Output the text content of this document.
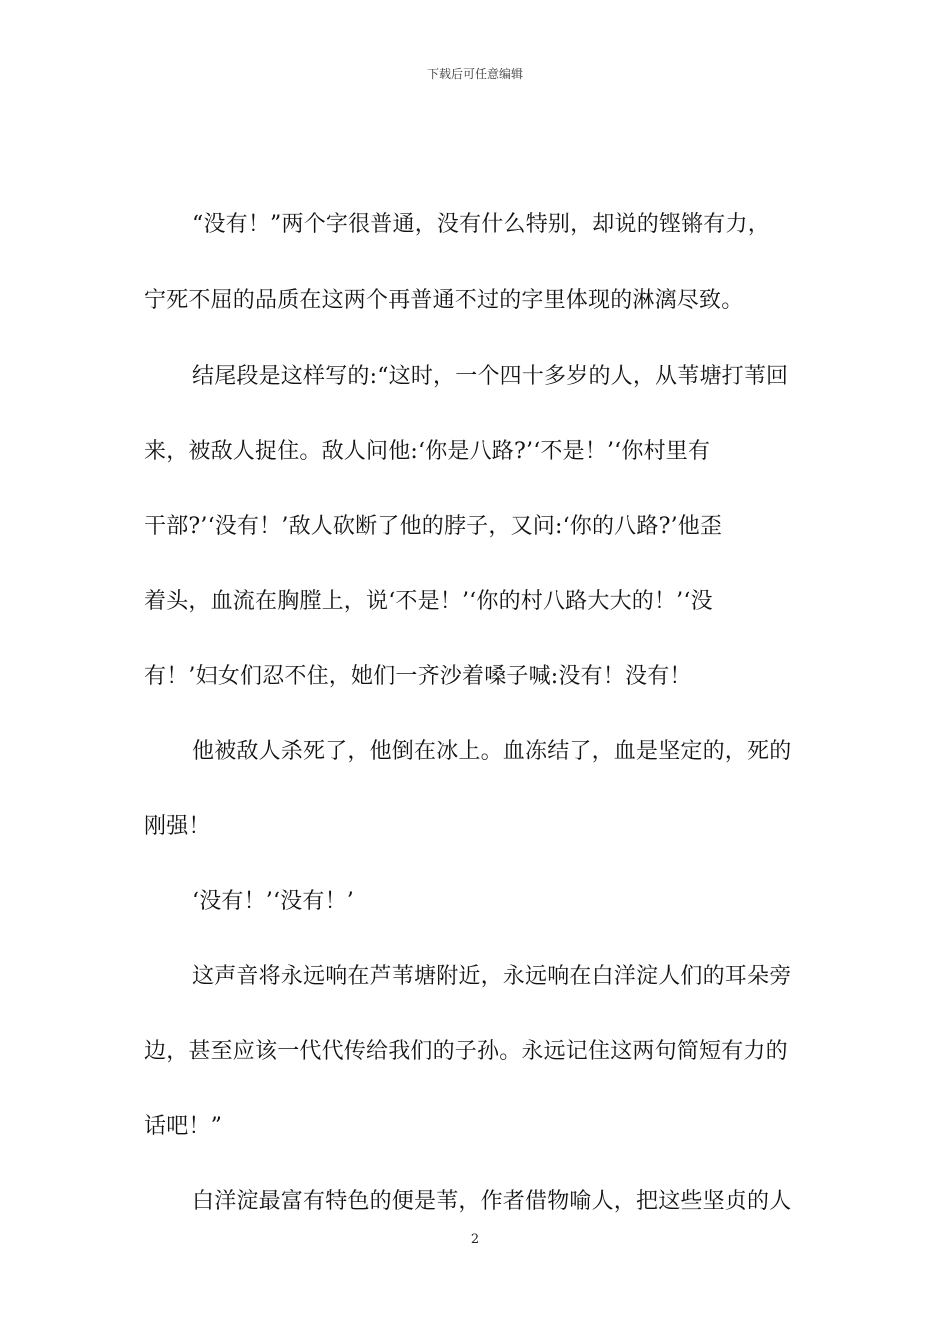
下载后可任意编辑
“没有！”两个字很普通，没有什么特别，却说的铿锵有力，
宁死不屈的品质在这两个再普通不过的字里体现的淋漓尽致。
结尾段是这样写的:“这时，一个四十多岁的人，从苇塘打苇回
来，被敌人捉住。敌人问他:‘你是八路?’‘不是！’‘你村里有
干部?’‘没有！’敌人砍断了他的脖子，又问:‘你的八路?’他歪
着头，血流在胸膛上，说‘不是！’‘你的村八路大大的！’‘没
有！’妇女们忍不住，她们一齐沙着嗓子喊:没有！没有！
他被敌人杀死了，他倒在冰上。血冻结了，血是坚定的，死的
刚强！
‘没有！’‘没有！’
这声音将永远响在芦苇塘附近，永远响在白洋淀人们的耳朵旁
边，甚至应该一代代传给我们的子孙。永远记住这两句简短有力的
话吧！”
白洋淀最富有特色的便是苇，作者借物喻人，把这些坚贞的人
2
